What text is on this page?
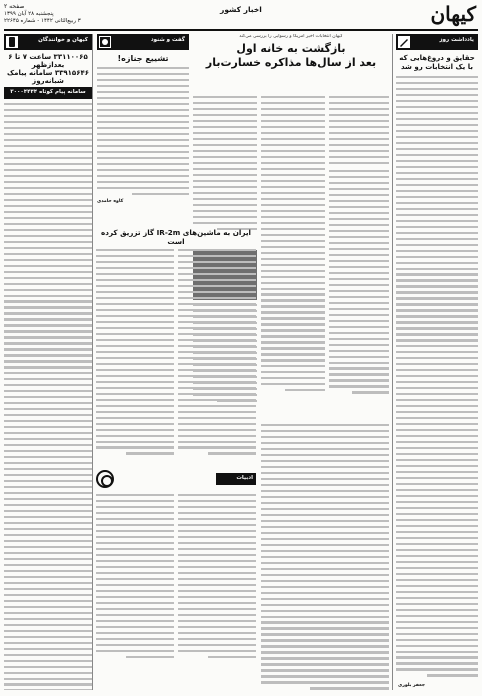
صفحه ۲
پنجشنبه ۲۸ آبان ۱۳۹۹
۳ ربیع‌الثانی ۱۴۴۲ - شماره ۲۲۶۴۵
اخبار کشور	کیهان
یادداشت روز
حقایق و دروغ‌هایی که با یک انتخابات رو شد
جعفر بلوری
کیهان انتخابات اخیر آمریکا و رسوایی را بررسی می‌کند
بازگشت به خانه اول
بعد از سال‌ها مذاکره خسارت‌بار
گفت و شنود
تشییع جنازه!
کاوه حامدی
ایران به ماشین‌های IR-2m گاز تزریق کرده است
ادبیات
کیهان و خوانندگان
۳۳۱۱۰۰۶۵ ساعت ۷ تا ۶ بعدازظهر
۳۳۹۱۵۶۴۶ سامانه پیامک شبانه‌روز
سامانه پیام کوتاه ۳۰۰۰۴۴۴۴
